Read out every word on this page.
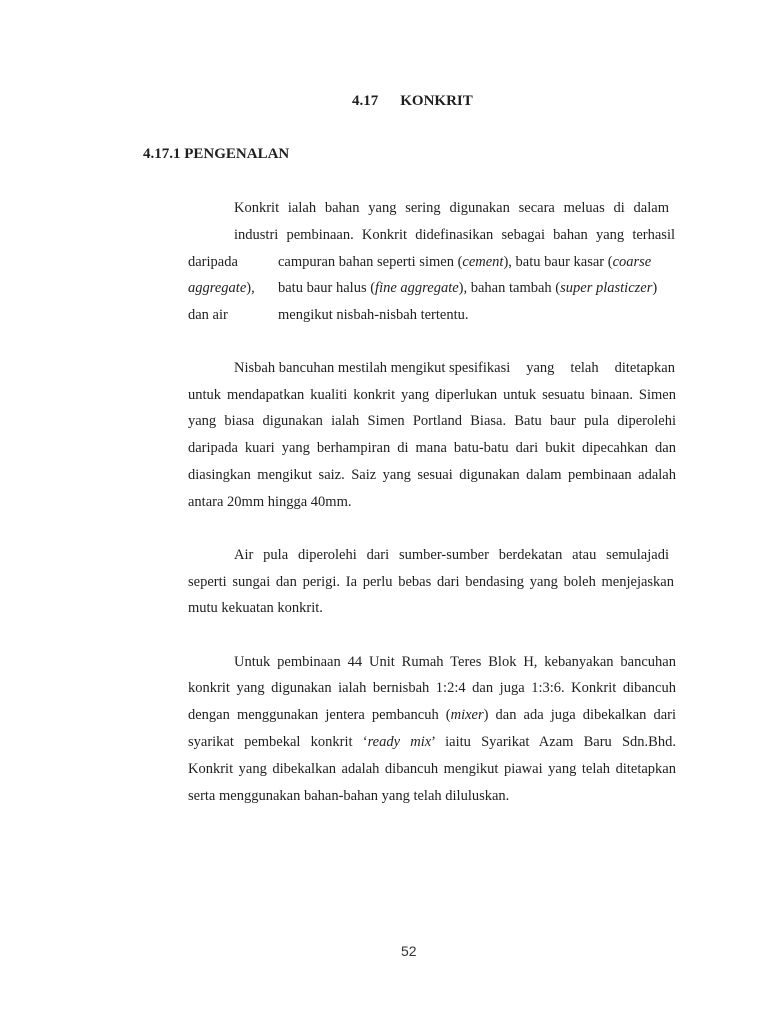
4.17 KONKRIT
4.17.1 PENGENALAN
Konkrit ialah bahan yang sering digunakan secara meluas di dalam
industri pembinaan. Konkrit didefinasikan sebagai bahan yang terhasil
daripada	campuran bahan seperti simen (cement), batu baur kasar (coarse
aggregate), batu baur halus (fine aggregate), bahan tambah (super plasticzer)
dan air	mengikut nisbah-nisbah tertentu.
Nisbah bancuhan mestilah mengikut spesifikasi yang telah ditetapkan
untuk mendapatkan kualiti konkrit yang diperlukan untuk sesuatu binaan. Simen
yang biasa digunakan ialah Simen Portland Biasa. Batu baur pula diperolehi
daripada kuari yang berhampiran di mana batu-batu dari bukit dipecahkan dan
diasingkan mengikut saiz. Saiz yang sesuai digunakan dalam pembinaan adalah
antara 20mm hingga 40mm.
Air pula diperolehi dari sumber-sumber berdekatan atau semulajadi
seperti sungai dan perigi. Ia perlu bebas dari bendasing yang boleh menjejaskan
mutu kekuatan konkrit.
Untuk pembinaan 44 Unit Rumah Teres Blok H, kebanyakan bancuhan
konkrit yang digunakan ialah bernisbah 1:2:4 dan juga 1:3:6. Konkrit dibancuh
dengan menggunakan jentera pembancuh (mixer) dan ada juga dibekalkan dari
syarikat pembekal konkrit ‘ready mix’ iaitu Syarikat Azam Baru Sdn.Bhd.
Konkrit yang dibekalkan adalah dibancuh mengikut piawai yang telah ditetapkan
serta menggunakan bahan-bahan yang telah diluluskan.
52
